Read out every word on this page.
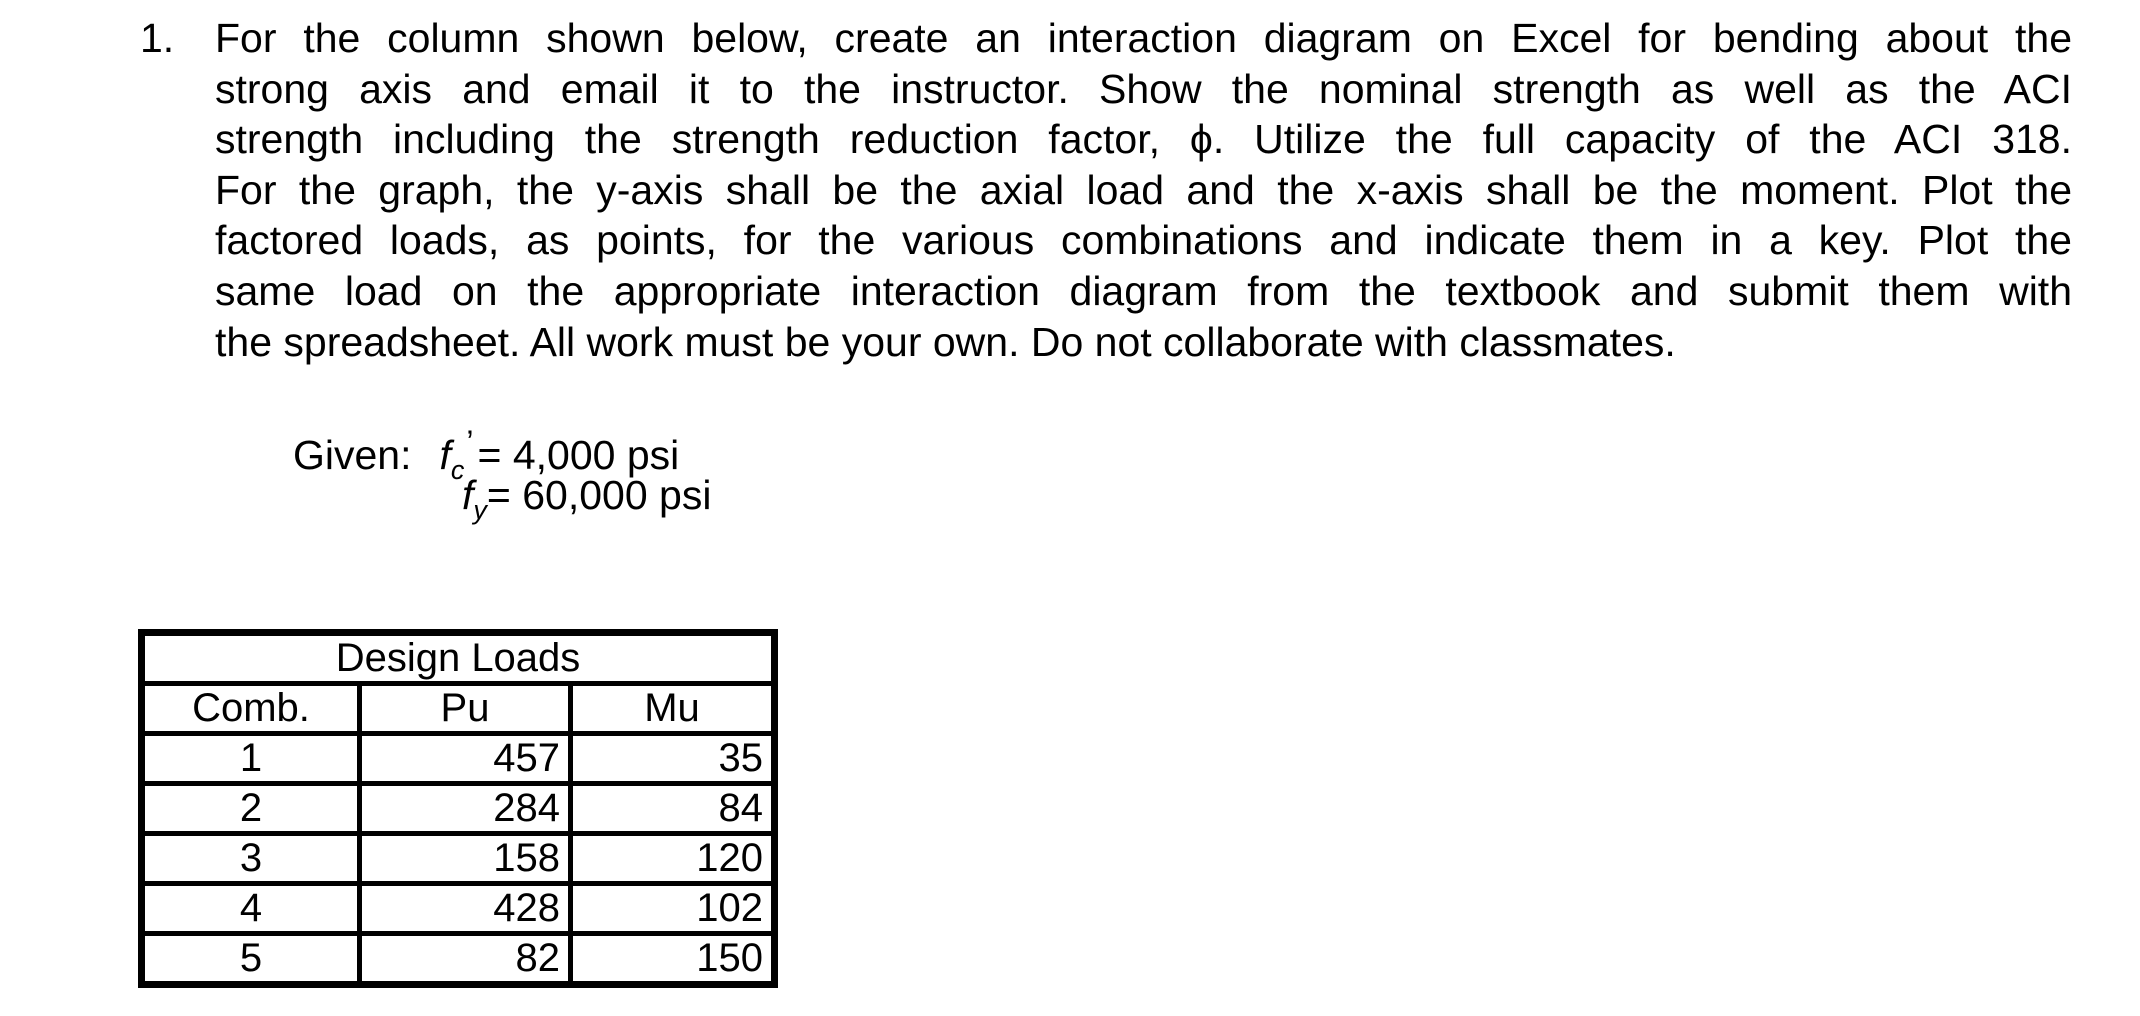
1. For the column shown below, create an interaction diagram on Excel for bending about the
strong axis and email it to the instructor. Show the nominal strength as well as the ACI
strength including the strength reduction factor, ϕ. Utilize the full capacity of the ACI 318.
For the graph, the y-axis shall be the axial load and the x-axis shall be the moment. Plot the
factored loads, as points, for the various combinations and indicate them in a key. Plot the
same load on the appropriate interaction diagram from the textbook and submit them with
the spreadsheet. All work must be your own. Do not collaborate with classmates.
Given: $f_c^’= 4,000$ psi
$f_y= 60,000$ psi
Design Loads		
Comb.	Pu	Mu
1	457	35
2	284	84
3	158	120
4	428	102
5	82	150
